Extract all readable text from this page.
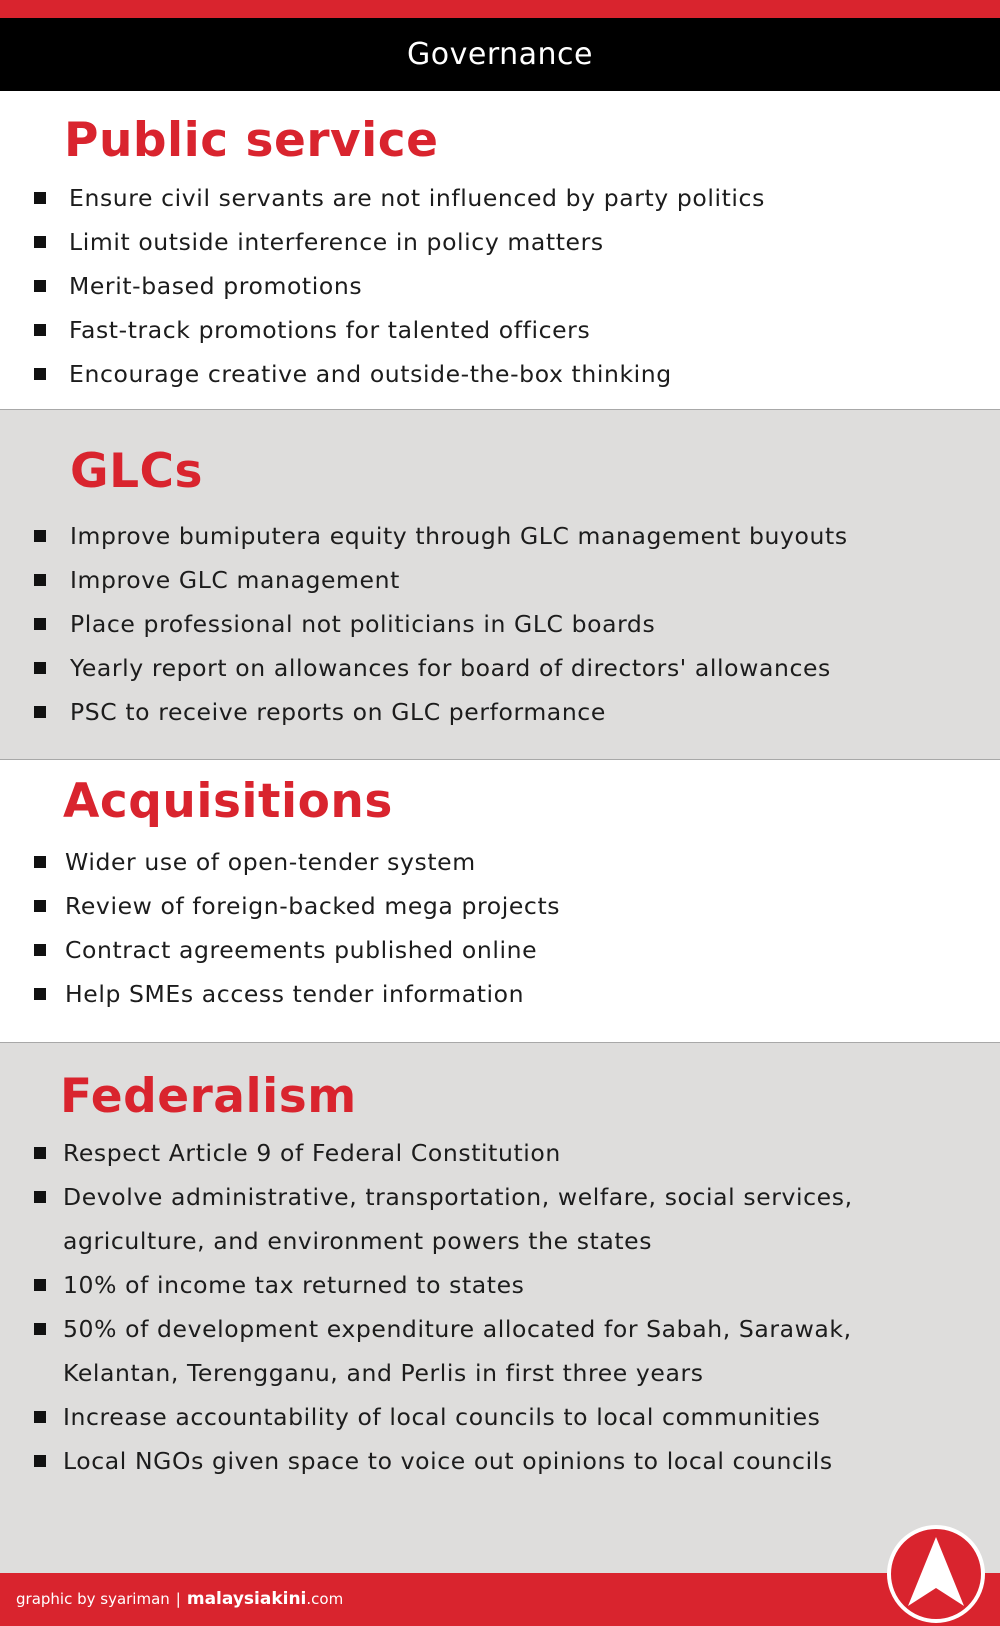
Governance
Public service
Ensure civil servants are not influenced by party politics
Limit outside interference in policy matters
Merit-based promotions
Fast-track promotions for talented officers
Encourage creative and outside-the-box thinking
GLCs
Improve bumiputera equity through GLC management buyouts
Improve GLC management
Place professional not politicians in GLC boards
Yearly report on allowances for board of directors' allowances
PSC to receive reports on GLC performance
Acquisitions
Wider use of open-tender system
Review of foreign-backed mega projects
Contract agreements published online
Help SMEs access tender information
Federalism
Respect Article 9 of Federal Constitution
Devolve administrative, transportation, welfare, social services, agriculture, and environment powers the states
10% of income tax returned to states
50% of development expenditure allocated for Sabah, Sarawak, Kelantan, Terengganu, and Perlis in first three years
Increase accountability of local councils to local communities
Local NGOs given space to voice out opinions to local councils
graphic by syariman | malaysiakini.com
